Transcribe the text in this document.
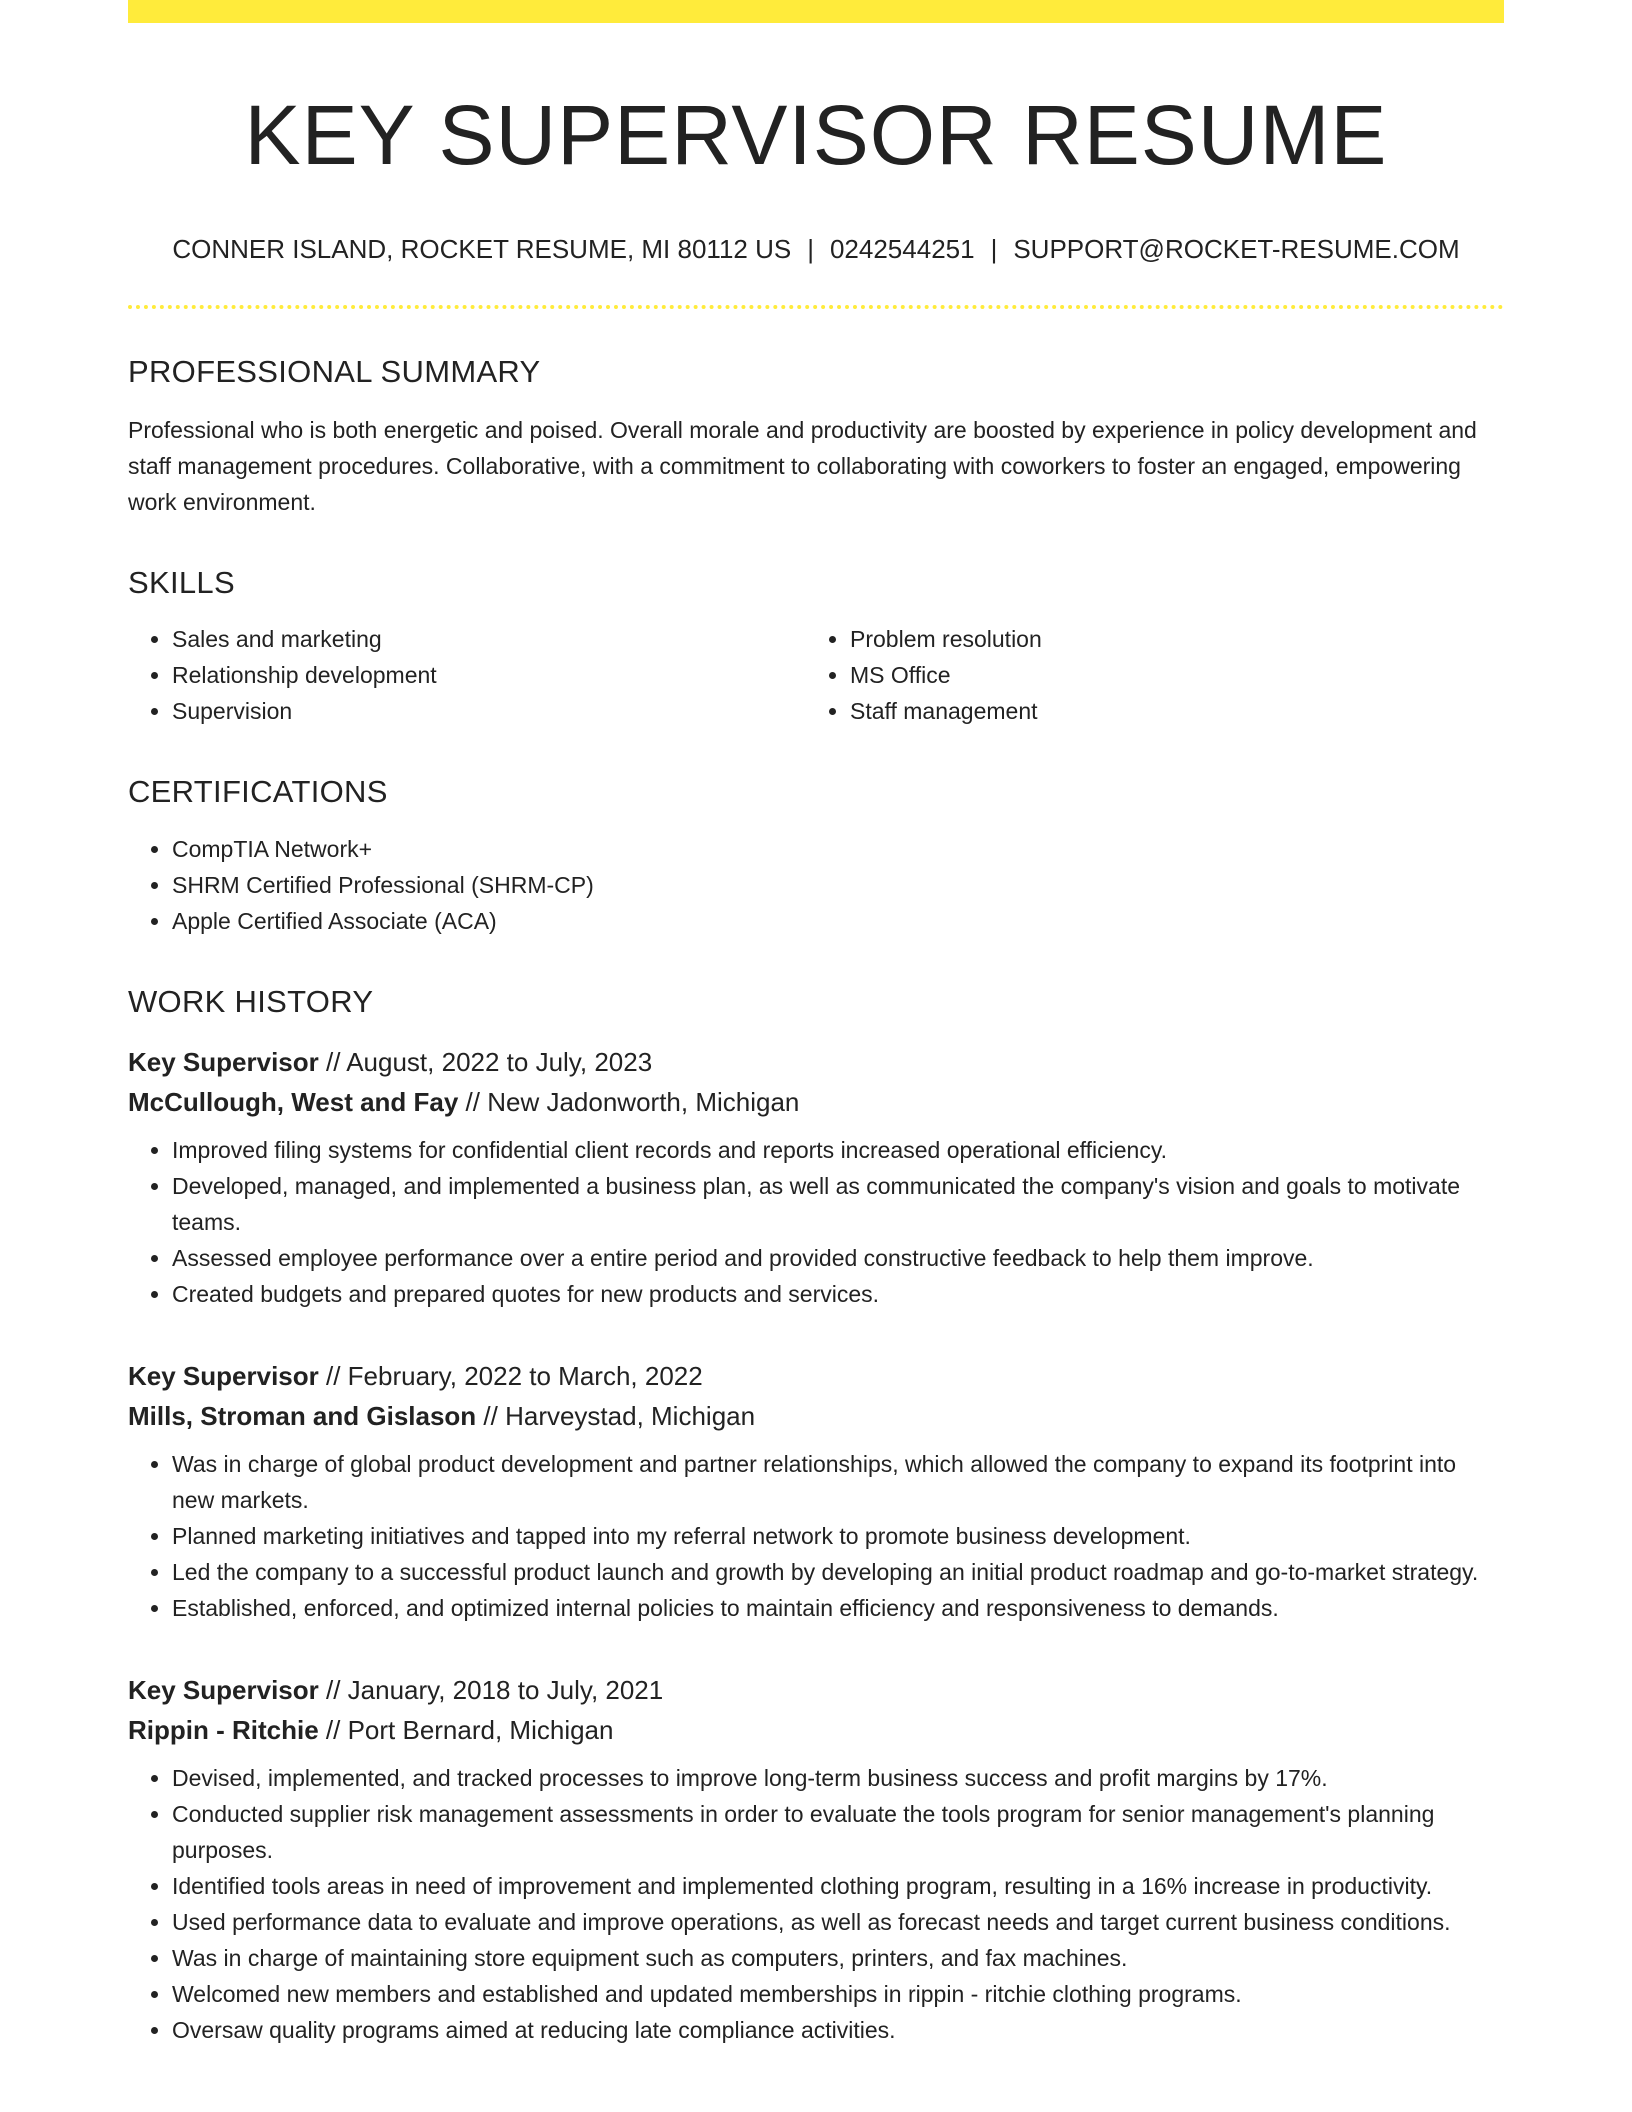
KEY SUPERVISOR RESUME
CONNER ISLAND, ROCKET RESUME, MI 80112 US | 0242544251 | SUPPORT@ROCKET-RESUME.COM
PROFESSIONAL SUMMARY
Professional who is both energetic and poised. Overall morale and productivity are boosted by experience in policy development and staff management procedures. Collaborative, with a commitment to collaborating with coworkers to foster an engaged, empowering work environment.
SKILLS
• Sales and marketing
• Relationship development
• Supervision
• Problem resolution
• MS Office
• Staff management
CERTIFICATIONS
• CompTIA Network+
• SHRM Certified Professional (SHRM-CP)
• Apple Certified Associate (ACA)
WORK HISTORY
Key Supervisor // August, 2022 to July, 2023
McCullough, West and Fay // New Jadonworth, Michigan
• Improved filing systems for confidential client records and reports increased operational efficiency.
• Developed, managed, and implemented a business plan, as well as communicated the company's vision and goals to motivate teams.
• Assessed employee performance over a entire period and provided constructive feedback to help them improve.
• Created budgets and prepared quotes for new products and services.
Key Supervisor // February, 2022 to March, 2022
Mills, Stroman and Gislason // Harveystad, Michigan
• Was in charge of global product development and partner relationships, which allowed the company to expand its footprint into new markets.
• Planned marketing initiatives and tapped into my referral network to promote business development.
• Led the company to a successful product launch and growth by developing an initial product roadmap and go-to-market strategy.
• Established, enforced, and optimized internal policies to maintain efficiency and responsiveness to demands.
Key Supervisor // January, 2018 to July, 2021
Rippin - Ritchie // Port Bernard, Michigan
• Devised, implemented, and tracked processes to improve long-term business success and profit margins by 17%.
• Conducted supplier risk management assessments in order to evaluate the tools program for senior management's planning purposes.
• Identified tools areas in need of improvement and implemented clothing program, resulting in a 16% increase in productivity.
• Used performance data to evaluate and improve operations, as well as forecast needs and target current business conditions.
• Was in charge of maintaining store equipment such as computers, printers, and fax machines.
• Welcomed new members and established and updated memberships in rippin - ritchie clothing programs.
• Oversaw quality programs aimed at reducing late compliance activities.
